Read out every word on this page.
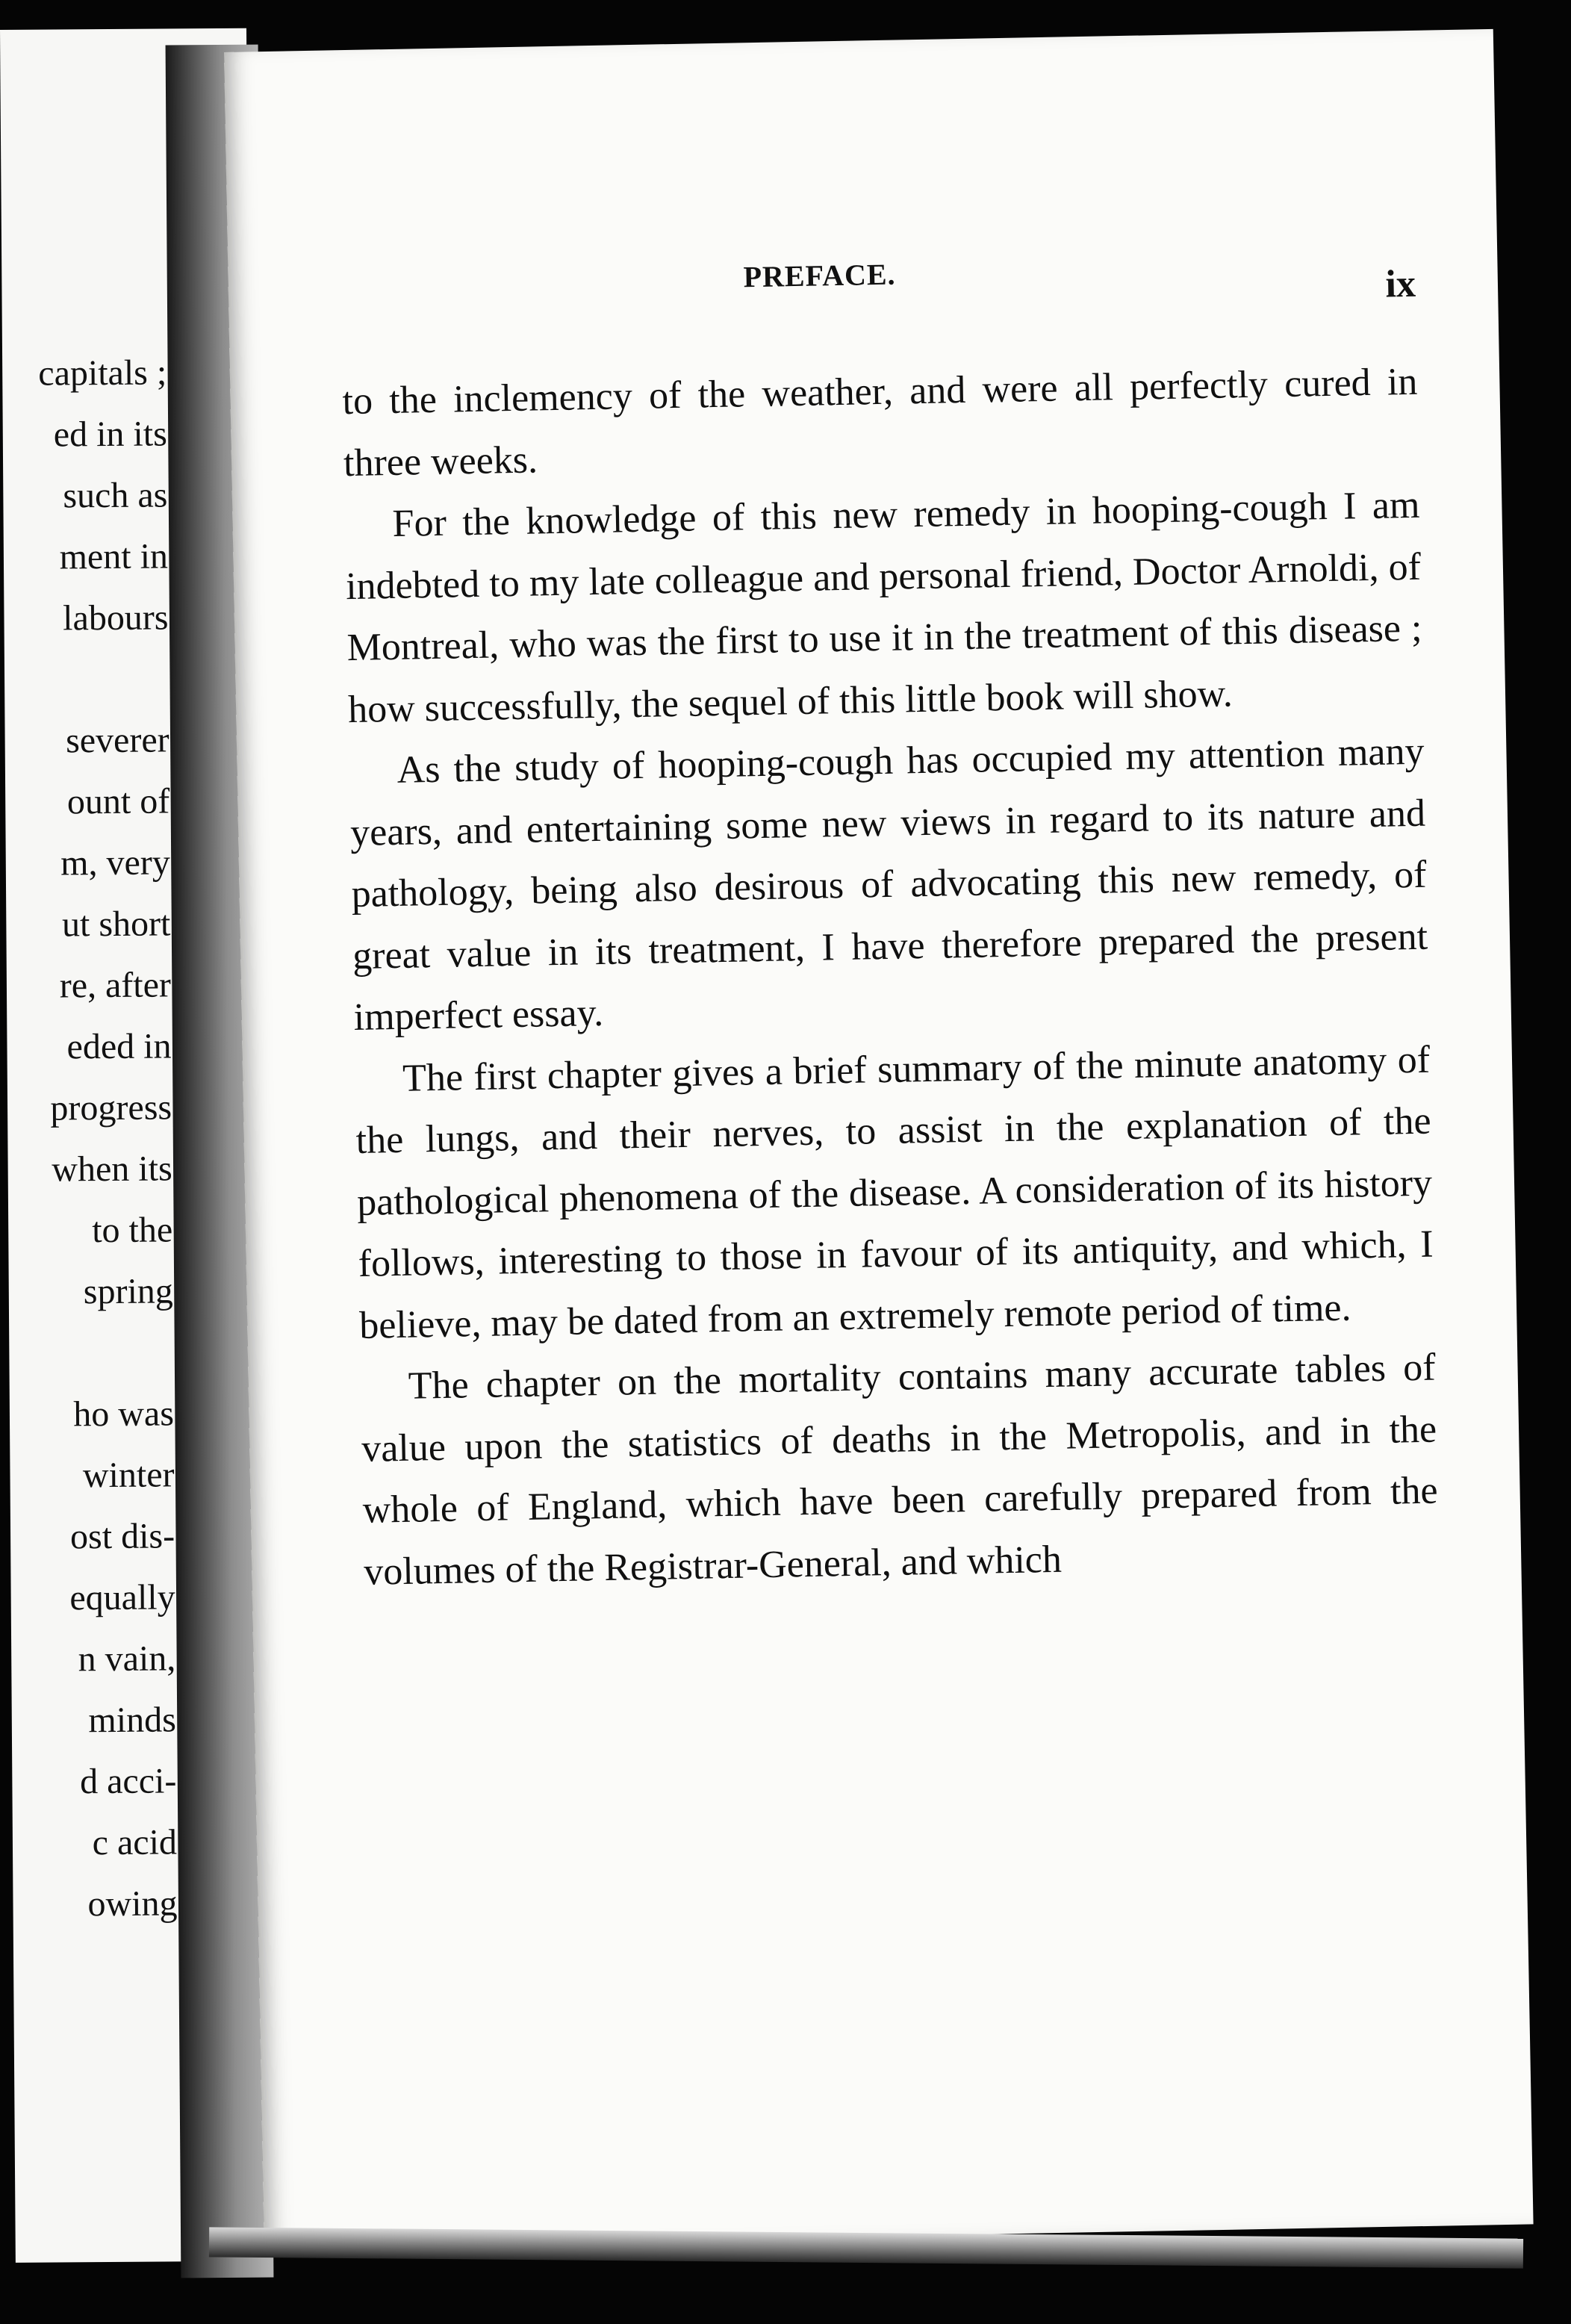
capitals ;
ed in its
such as
ment in
labours
severer
ount of
m, very
ut short
re, after
eded in
progress
when its
to the
spring
ho was
winter
ost dis-
equally
n vain,
minds
d acci-
c acid
owing
PREFACE.	ix

to the inclemency of the weather, and were all perfectly cured in three weeks.

For the knowledge of this new remedy in hooping-cough I am indebted to my late colleague and personal friend, Doctor Arnoldi, of Montreal, who was the first to use it in the treatment of this disease ; how successfully, the sequel of this little book will show.

As the study of hooping-cough has occupied my attention many years, and entertaining some new views in regard to its nature and pathology, being also desirous of advocating this new remedy, of great value in its treatment, I have therefore prepared the present imperfect essay.

The first chapter gives a brief summary of the minute anatomy of the lungs, and their nerves, to assist in the explanation of the pathological phenomena of the disease. A consideration of its history follows, interesting to those in favour of its antiquity, and which, I believe, may be dated from an extremely remote period of time.

The chapter on the mortality contains many accurate tables of value upon the statistics of deaths in the Metropolis, and in the whole of England, which have been carefully prepared from the volumes of the Registrar-General, and which
